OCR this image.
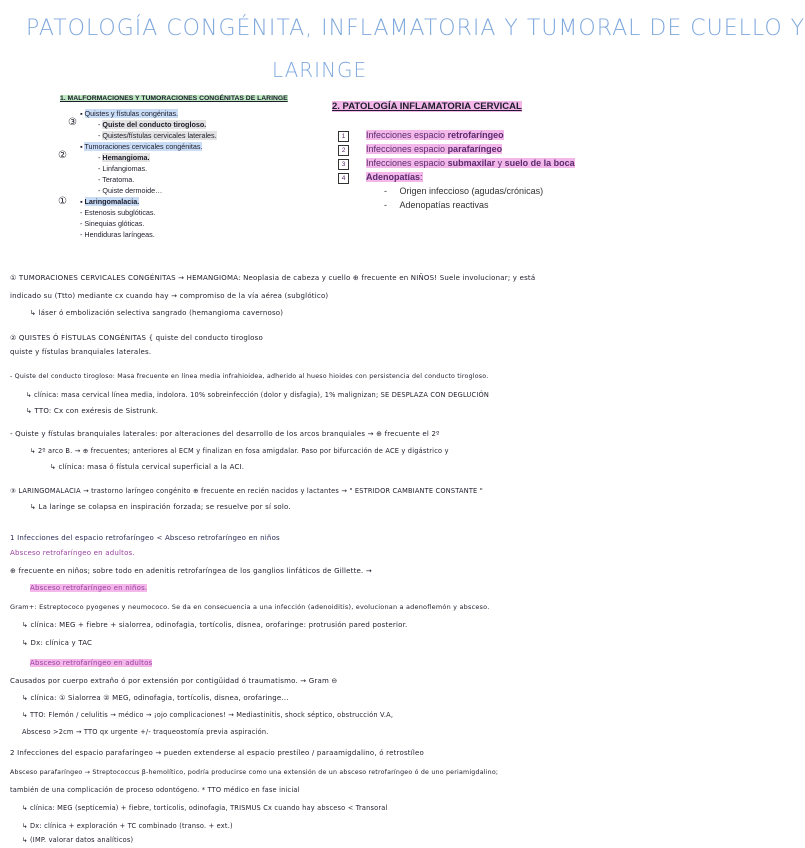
PATOLOGÍA CONGÉNITA, INFLAMATORIA Y TUMORAL DE CUELLO Y
LARINGE
1. MALFORMACIONES Y TUMORACIONES CONGÉNITAS DE LARINGE
▪ Quistes y fístulas congénitas.
- Quiste del conducto tirogloso.
- Quistes/fístulas cervicales laterales.
▪ Tumoraciones cervicales congénitas.
- Hemangioma.
- Linfangiomas.
- Teratoma.
- Quiste dermoide…
▪ Laringomalacia.
- Estenosis subglóticas.
- Sinequias glóticas.
- Hendiduras laríngeas.
③
②
①
2. PATOLOGÍA INFLAMATORIA CERVICAL
1 Infecciones espacio retrofaríngeo
2 Infecciones espacio parafaríngeo
3 Infecciones espacio submaxilar y suelo de la boca
4 Adenopatías:
-     Origen infeccioso (agudas/crónicas)
-     Adenopatías reactivas
① TUMORACIONES CERVICALES CONGÉNITAS → HEMANGIOMA: Neoplasia de cabeza y cuello ⊕ frecuente en NIÑOS! Suele involucionar; y está
indicado su (Ttto) mediante cx cuando hay → compromiso de la vía aérea (subglótico)
↳ láser ó embolización selectiva sangrado (hemangioma cavernoso)
② QUISTES Ó FÍSTULAS CONGÉNITAS { quiste del conducto tirogloso
quiste y fístulas branquiales laterales.
- Quiste del conducto tirogloso: Masa frecuente en línea media infrahioidea, adherido al hueso hioides con persistencia del conducto tirogloso.
↳ clínica: masa cervical línea media, indolora. 10% sobreinfección (dolor y disfagia), 1% malignizan; SE DESPLAZA CON DEGLUCIÓN
↳ TTO: Cx con exéresis de Sistrunk.
- Quiste y fístulas branquiales laterales: por alteraciones del desarrollo de los arcos branquiales → ⊕ frecuente el 2º
↳ 2º arco B. → ⊕ frecuentes; anteriores al ECM y finalizan en fosa amigdalar. Paso por bifurcación de ACE y digástrico y
↳ clínica: masa ó fístula cervical superficial a la ACI.
③ LARINGOMALACIA → trastorno laríngeo congénito ⊕ frecuente en recién nacidos y lactantes → " ESTRIDOR CAMBIANTE CONSTANTE "
↳ La laringe se colapsa en inspiración forzada; se resuelve por sí solo.
1 Infecciones del espacio retrofaríngeo < Absceso retrofaríngeo en niños
Absceso retrofaríngeo en adultos.
⊕ frecuente en niños; sobre todo en adenitis retrofaríngea de los ganglios linfáticos de Gillette. →
Absceso retrofaríngeo en niños.
Gram+: Estreptococo pyogenes y neumococo. Se da en consecuencia a una infección (adenoiditis), evolucionan a adenoflemón y absceso.
↳ clínica: MEG + fiebre + sialorrea, odinofagia, tortícolis, disnea, orofaringe: protrusión pared posterior.
↳ Dx: clínica y TAC
Absceso retrofaríngeo en adultos
Causados por cuerpo extraño ó por extensión por contigüidad ó traumatismo. → Gram ⊖
↳ clínica: ① Sialorrea ② MEG, odinofagia, tortícolis, disnea, orofaringe...
↳ TTO: Flemón / celulitis → médico → ¡ojo complicaciones! → Mediastinitis, shock séptico, obstrucción V.A,
Absceso >2cm → TTO qx urgente +/- traqueostomía previa aspiración.
2 Infecciones del espacio parafaríngeo → pueden extenderse al espacio prestíleo / paraamigdalino, ó retrostíleo
Absceso parafaríngeo → Streptococcus β-hemolítico, podría producirse como una extensión de un absceso retrofaríngeo ó de uno periamigdalino;
también de una complicación de proceso odontógeno. * TTO médico en fase inicial
↳ clínica: MEG (septicemia) + fiebre, tortícolis, odinofagia, TRISMUS Cx cuando hay absceso < Transoral
↳ Dx: clínica + exploración + TC combinado (transo. + ext.)
↳ (IMP. valorar datos analíticos)
